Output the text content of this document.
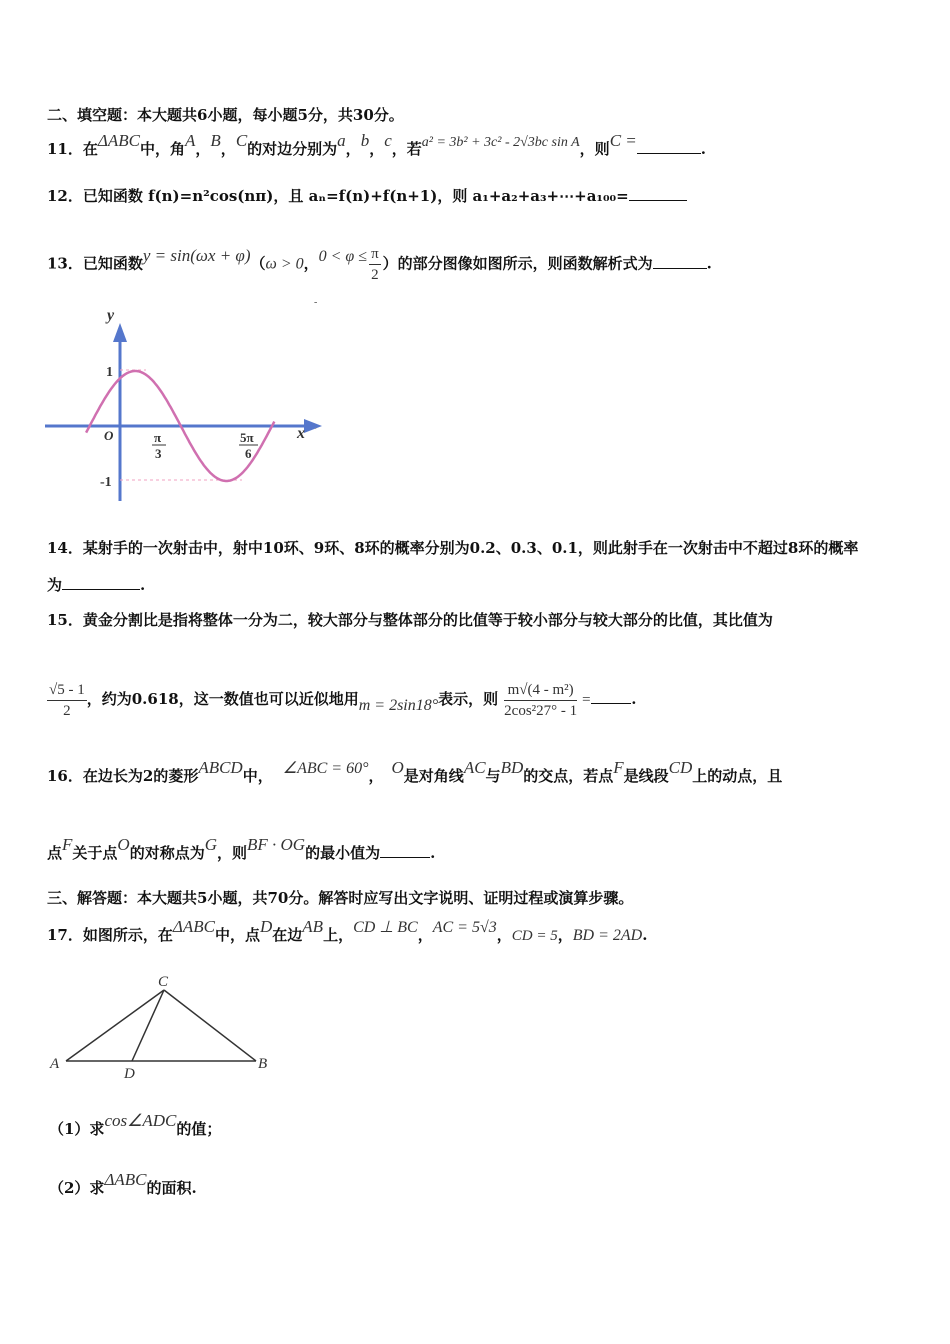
二、填空题：本大题共6小题，每小题5分，共30分。
11．在ΔABC中，角A，B，C的对边分别为a，b，c，若a² = 3b² + 3c² - 2√3bc sin A，则C =	.
12．已知函数 f(n)=n²cos(nπ)，且 aₙ=f(n)+f(n+1)，则 a₁+a₂+a₃+⋯+a₁₀₀=
13．已知函数y = sin(ωx + φ)（ω > 0，$0 < \varphi \le \frac{\pi}{2}$ ）的部分图像如图所示，则函数解析式为	.
y
x
O
1
-1
π
3
5π
6
-
·
14．某射手的一次射击中，射中10环、9环、8环的概率分别为0.2、0.3、0.1，则此射手在一次射击中不超过8环的概率
为	.
15．黄金分割比是指将整体一分为二，较大部分与整体部分的比值等于较小部分与较大部分的比值，其比值为
$\frac{√5 - 1}{2}$ ，约为0.618，这一数值也可以近似地用m = 2sin18°表示，则 $\frac{\text{m√(4 - m²)}}{\text{2cos²27° - 1}}$ =	.
16．在边长为2的菱形ABCD中， ∠ABC = 60°， O是对角线AC与BD的交点，若点F是线段CD上的动点，且
点F关于点O的对称点为G，则BF · OG的最小值为	.
三、解答题：本大题共5小题，共70分。解答时应写出文字说明、证明过程或演算步骤。
17．如图所示，在ΔABC中，点D在边AB上，CD ⊥ BC，AC = 5√3，CD = 5，BD = 2AD.
C
A
D
B
（1）求cos∠ADC的值；
（2）求ΔABC的面积.
